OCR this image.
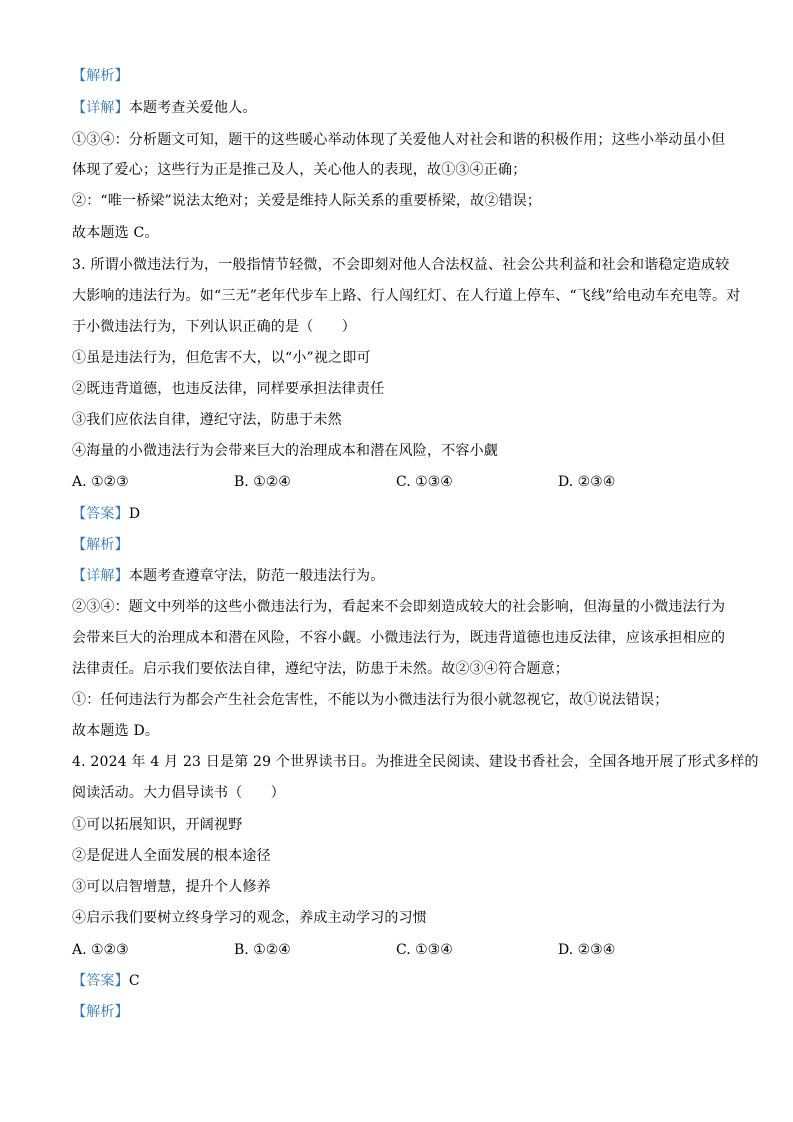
【解析】
【详解】本题考查关爱他人。
①③④：分析题文可知，题干的这些暖心举动体现了关爱他人对社会和谐的积极作用；这些小举动虽小但
体现了爱心；这些行为正是推己及人，关心他人的表现，故①③④正确；
②：“唯一桥梁”说法太绝对；关爱是维持人际关系的重要桥梁，故②错误；
故本题选 C。
3. 所谓小微违法行为，一般指情节轻微，不会即刻对他人合法权益、社会公共利益和社会和谐稳定造成较
大影响的违法行为。如“三无”老年代步车上路、行人闯红灯、在人行道上停车、“飞线”给电动车充电等。对
于小微违法行为，下列认识正确的是（　　）
①虽是违法行为，但危害不大，以“小”视之即可
②既违背道德，也违反法律，同样要承担法律责任
③我们应依法自律，遵纪守法，防患于未然
④海量的小微违法行为会带来巨大的治理成本和潜在风险，不容小觑
A. ①②③	B. ①②④	C. ①③④	D. ②③④
【答案】D
【解析】
【详解】本题考查遵章守法，防范一般违法行为。
②③④：题文中列举的这些小微违法行为，看起来不会即刻造成较大的社会影响，但海量的小微违法行为
会带来巨大的治理成本和潜在风险，不容小觑。小微违法行为，既违背道德也违反法律，应该承担相应的
法律责任。启示我们要依法自律，遵纪守法，防患于未然。故②③④符合题意；
①：任何违法行为都会产生社会危害性，不能以为小微违法行为很小就忽视它，故①说法错误；
故本题选 D。
4. 2024 年 4 月 23 日是第 29 个世界读书日。为推进全民阅读、建设书香社会，全国各地开展了形式多样的
阅读活动。大力倡导读书（　　）
①可以拓展知识，开阔视野
②是促进人全面发展的根本途径
③可以启智增慧，提升个人修养
④启示我们要树立终身学习的观念，养成主动学习的习惯
A. ①②③	B. ①②④	C. ①③④	D. ②③④
【答案】C
【解析】
